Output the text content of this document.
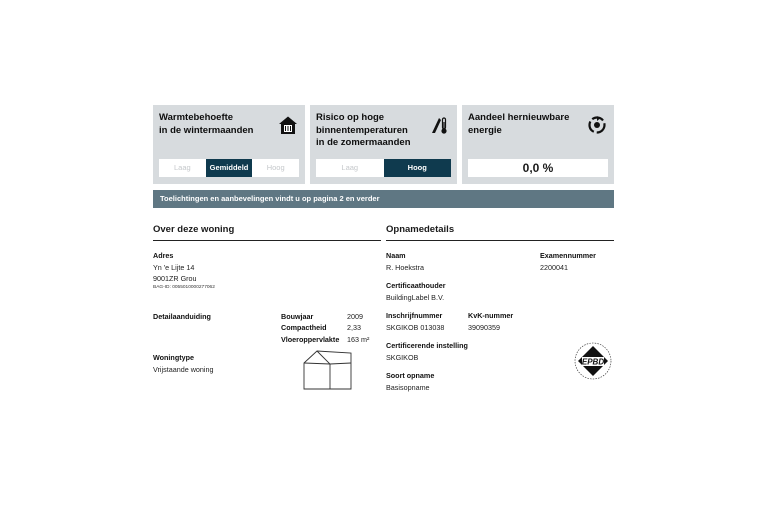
Warmtebehoefte
in de wintermaanden
Laag	Gemiddeld	Hoog
Risico op hoge
binnentemperaturen
in de zomermaanden
Laag	Hoog
Aandeel hernieuwbare
energie
0,0 %
Toelichtingen en aanbevelingen vindt u op pagina 2 en verder
Over deze woning
Adres
Yn 'e Lijte 14
9001ZR Grou
BAG-ID: 0055010000277062
Detailaanduiding	Bouwjaar	2009
Compactheid	2,33
Vloeroppervlakte 163 m²
Woningtype
Vrijstaande woning
Opnamedetails
Naam
R. Hoekstra
Examennummer
2200041
Certificaathouder
BuildingLabel B.V.
Inschrijfnummer
SKGIKOB 013038
KvK-nummer
39090359
Certificerende instelling
SKGIKOB
Soort opname
Basisopname
EPBD
